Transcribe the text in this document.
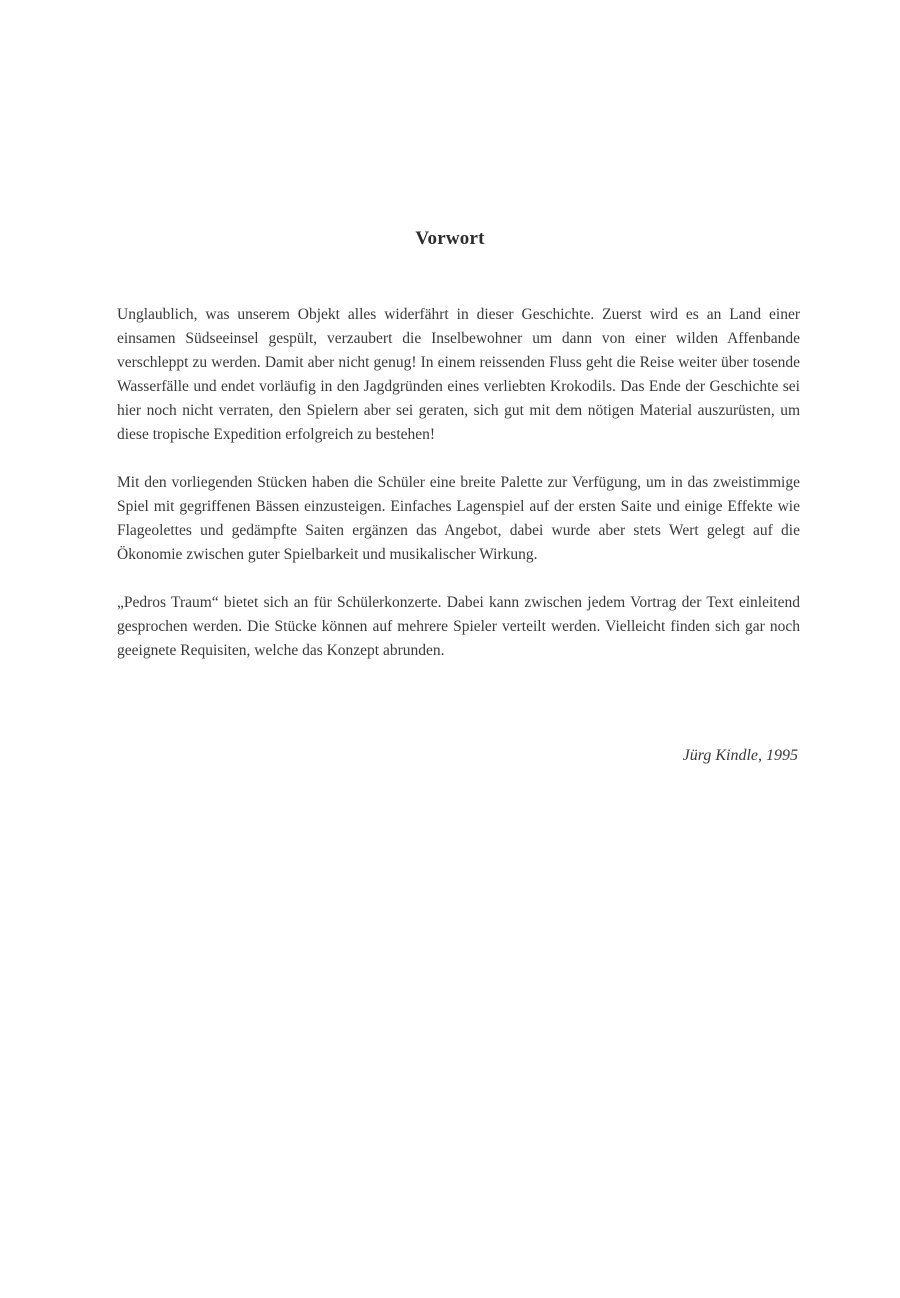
Vorwort

Unglaublich, was unserem Objekt alles widerfährt in dieser Geschichte. Zuerst wird es an Land einer einsamen Südseeinsel gespült, verzaubert die Inselbewohner um dann von einer wilden Affenbande verschleppt zu werden. Damit aber nicht genug! In einem reissenden Fluss geht die Reise weiter über tosende Wasserfälle und endet vorläufig in den Jagdgründen eines verliebten Krokodils. Das Ende der Geschichte sei hier noch nicht verraten, den Spielern aber sei geraten, sich gut mit dem nötigen Material auszurüsten, um diese tropische Expedition erfolgreich zu bestehen!

Mit den vorliegenden Stücken haben die Schüler eine breite Palette zur Verfügung, um in das zweistimmige Spiel mit gegriffenen Bässen einzusteigen. Einfaches Lagenspiel auf der ersten Saite und einige Effekte wie Flageolettes und gedämpfte Saiten ergänzen das Angebot, dabei wurde aber stets Wert gelegt auf die Ökonomie zwischen guter Spielbarkeit und musikalischer Wirkung.

„Pedros Traum“ bietet sich an für Schülerkonzerte. Dabei kann zwischen jedem Vortrag der Text einleitend gesprochen werden. Die Stücke können auf mehrere Spieler verteilt werden. Vielleicht finden sich gar noch geeignete Requisiten, welche das Konzept abrunden.

Jürg Kindle, 1995
